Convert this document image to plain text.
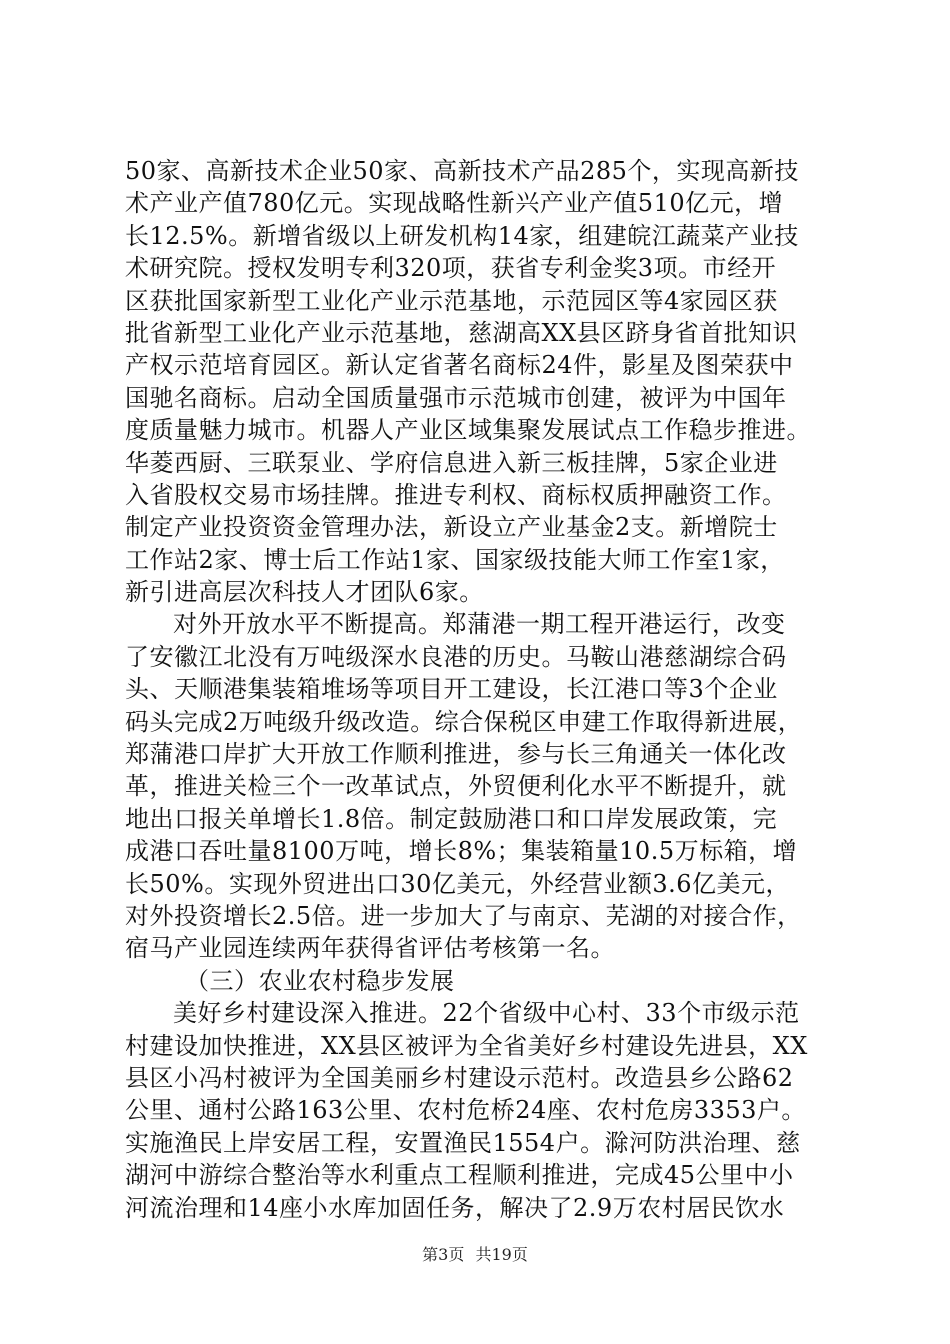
50家、高新技术企业50家、高新技术产品285个，实现高新技
术产业产值780亿元。实现战略性新兴产业产值510亿元，增
长12.5%。新增省级以上研发机构14家，组建皖江蔬菜产业技
术研究院。授权发明专利320项，获省专利金奖3项。市经开
区获批国家新型工业化产业示范基地，示范园区等4家园区获
批省新型工业化产业示范基地，慈湖高XX县区跻身省首批知识
产权示范培育园区。新认定省著名商标24件，影星及图荣获中
国驰名商标。启动全国质量强市示范城市创建，被评为中国年
度质量魅力城市。机器人产业区域集聚发展试点工作稳步推进。
华菱西厨、三联泵业、学府信息进入新三板挂牌，5家企业进
入省股权交易市场挂牌。推进专利权、商标权质押融资工作。
制定产业投资资金管理办法，新设立产业基金2支。新增院士
工作站2家、博士后工作站1家、国家级技能大师工作室1家，
新引进高层次科技人才团队6家。
对外开放水平不断提高。郑蒲港一期工程开港运行，改变
了安徽江北没有万吨级深水良港的历史。马鞍山港慈湖综合码
头、天顺港集装箱堆场等项目开工建设，长江港口等3个企业
码头完成2万吨级升级改造。综合保税区申建工作取得新进展，
郑蒲港口岸扩大开放工作顺利推进，参与长三角通关一体化改
革，推进关检三个一改革试点，外贸便利化水平不断提升，就
地出口报关单增长1.8倍。制定鼓励港口和口岸发展政策，完
成港口吞吐量8100万吨，增长8%；集装箱量10.5万标箱，增
长50%。实现外贸进出口30亿美元，外经营业额3.6亿美元，
对外投资增长2.5倍。进一步加大了与南京、芜湖的对接合作，
宿马产业园连续两年获得省评估考核第一名。
（三）农业农村稳步发展
美好乡村建设深入推进。22个省级中心村、33个市级示范
村建设加快推进，XX县区被评为全省美好乡村建设先进县，XX
县区小冯村被评为全国美丽乡村建设示范村。改造县乡公路62
公里、通村公路163公里、农村危桥24座、农村危房3353户。
实施渔民上岸安居工程，安置渔民1554户。滁河防洪治理、慈
湖河中游综合整治等水利重点工程顺利推进，完成45公里中小
河流治理和14座小水库加固任务，解决了2.9万农村居民饮水
第3页 共19页
